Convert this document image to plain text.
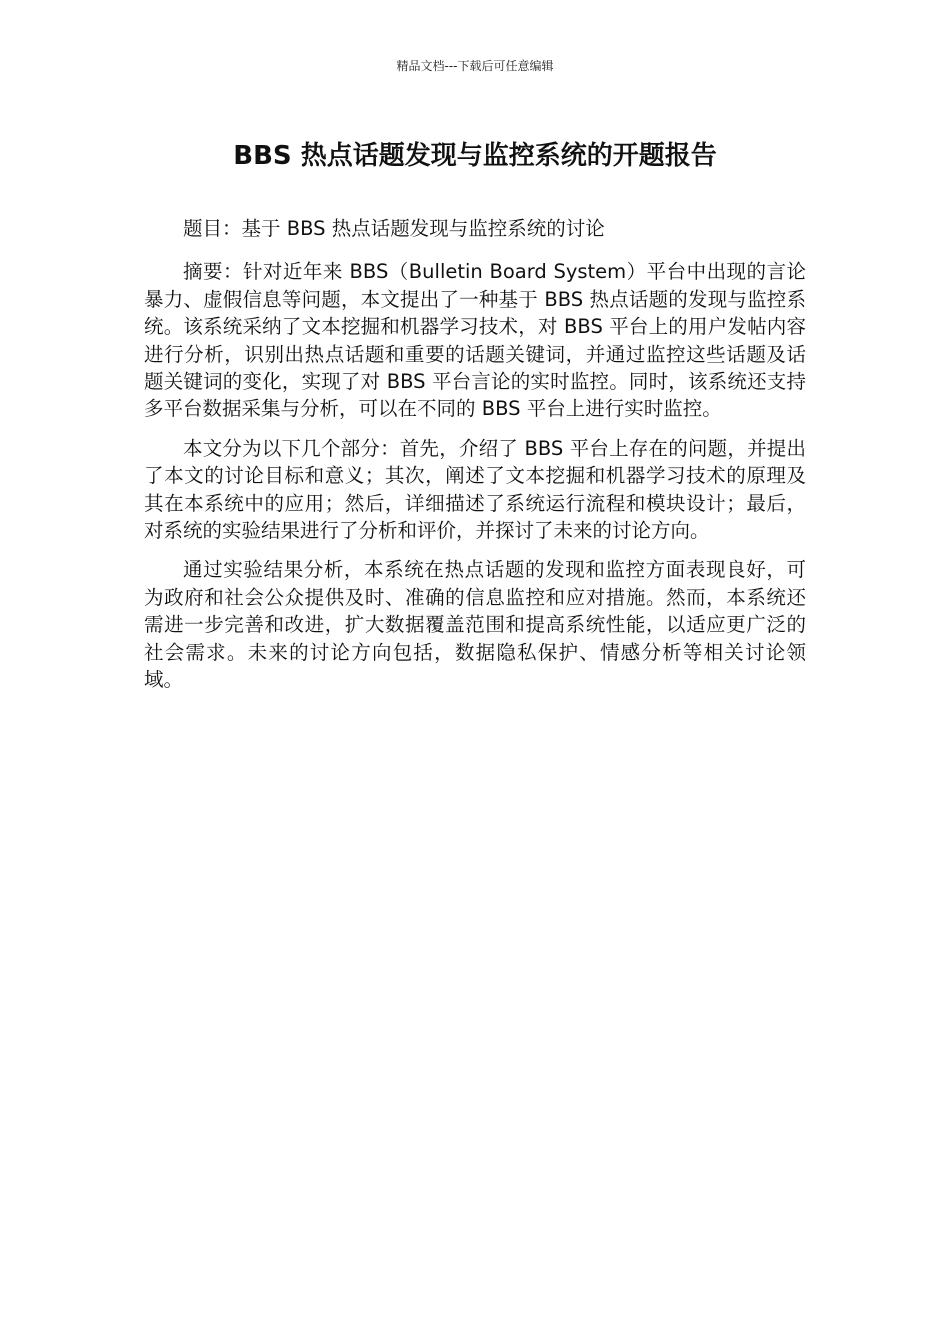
精品文档---下载后可任意编辑
BBS 热点话题发现与监控系统的开题报告

题目：基于 BBS 热点话题发现与监控系统的讨论

摘要：针对近年来 BBS（Bulletin Board System）平台中出现的言论暴力、虚假信息等问题，本文提出了一种基于 BBS 热点话题的发现与监控系统。该系统采纳了文本挖掘和机器学习技术，对 BBS 平台上的用户发帖内容进行分析，识别出热点话题和重要的话题关键词，并通过监控这些话题及话题关键词的变化，实现了对 BBS 平台言论的实时监控。同时，该系统还支持多平台数据采集与分析，可以在不同的 BBS 平台上进行实时监控。

本文分为以下几个部分：首先，介绍了 BBS 平台上存在的问题，并提出了本文的讨论目标和意义；其次，阐述了文本挖掘和机器学习技术的原理及其在本系统中的应用；然后，详细描述了系统运行流程和模块设计；最后，对系统的实验结果进行了分析和评价，并探讨了未来的讨论方向。

通过实验结果分析，本系统在热点话题的发现和监控方面表现良好，可为政府和社会公众提供及时、准确的信息监控和应对措施。然而，本系统还需进一步完善和改进，扩大数据覆盖范围和提高系统性能，以适应更广泛的社会需求。未来的讨论方向包括，数据隐私保护、情感分析等相关讨论领域。
